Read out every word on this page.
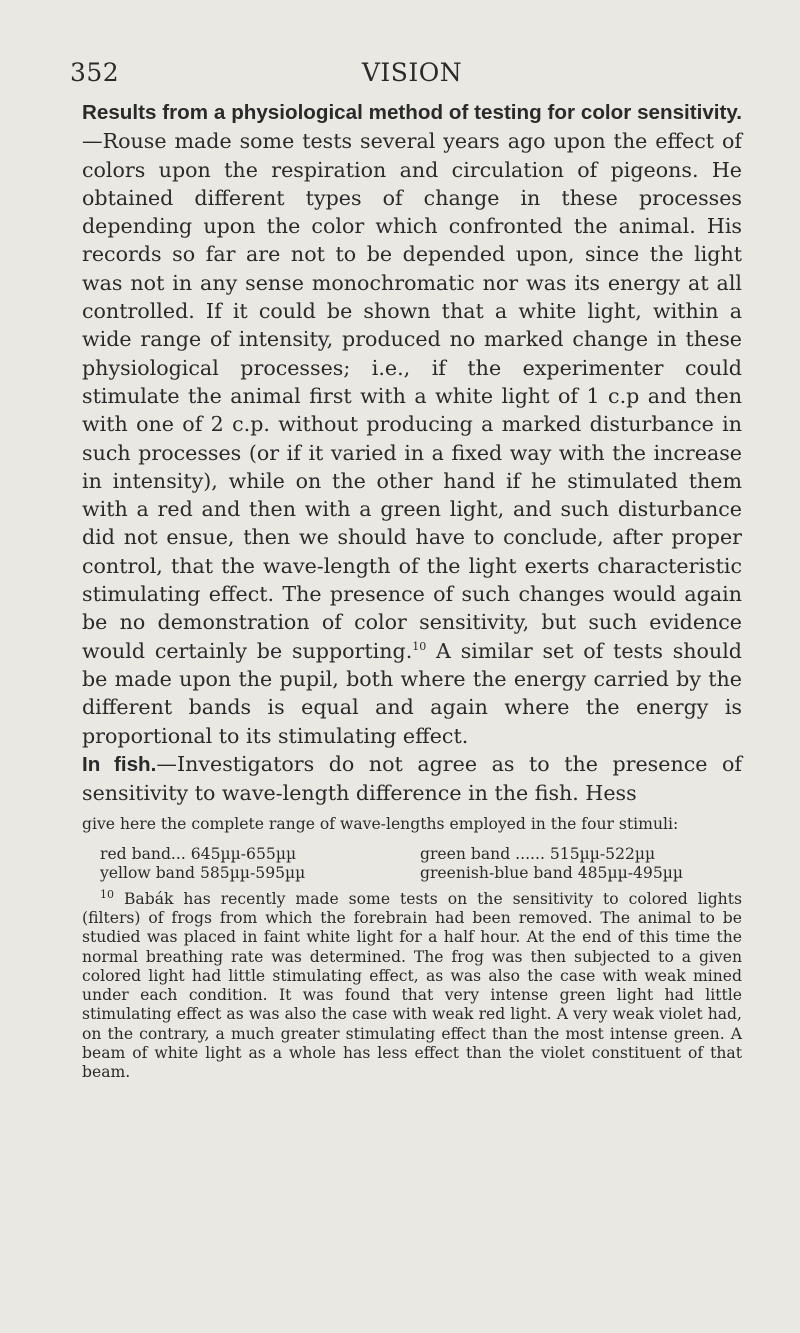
352	VISION

Results from a physiological method of testing for color sensitivity.—Rouse made some tests several years ago upon the effect of colors upon the respiration and circulation of pigeons. He obtained different types of change in these processes depending upon the color which confronted the animal. His records so far are not to be depended upon, since the light was not in any sense monochromatic nor was its energy at all controlled. If it could be shown that a white light, within a wide range of intensity, produced no marked change in these physiological processes; i.e., if the experimenter could stimulate the animal first with a white light of 1 c.p and then with one of 2 c.p. without producing a marked disturbance in such processes (or if it varied in a fixed way with the increase in intensity), while on the other hand if he stimulated them with a red and then with a green light, and such disturbance did not ensue, then we should have to conclude, after proper control, that the wave-length of the light exerts characteristic stimulating effect. The presence of such changes would again be no demonstration of color sensitivity, but such evidence would certainly be supporting.$^{10}$ A similar set of tests should be made upon the pupil, both where the energy carried by the different bands is equal and again where the energy is proportional to its stimulating effect.

In fish.—Investigators do not agree as to the presence of sensitivity to wave-length difference in the fish. Hess

give here the complete range of wave-lengths employed in the four stimuli:

red band... 645µµ-655µµ	green band ...... 515µµ-522µµ
yellow band 585µµ-595µµ	greenish-blue band 485µµ-495µµ

$^{10}$ Babák has recently made some tests on the sensitivity to colored lights (filters) of frogs from which the forebrain had been removed. The animal to be studied was placed in faint white light for a half hour. At the end of this time the normal breathing rate was determined. The frog was then subjected to a given colored light had little stimulating effect, as was also the case with weak mined under each condition. It was found that very intense green light had little stimulating effect as was also the case with weak red light. A very weak violet had, on the contrary, a much greater stimulating effect than the most intense green. A beam of white light as a whole has less effect than the violet constituent of that beam.
